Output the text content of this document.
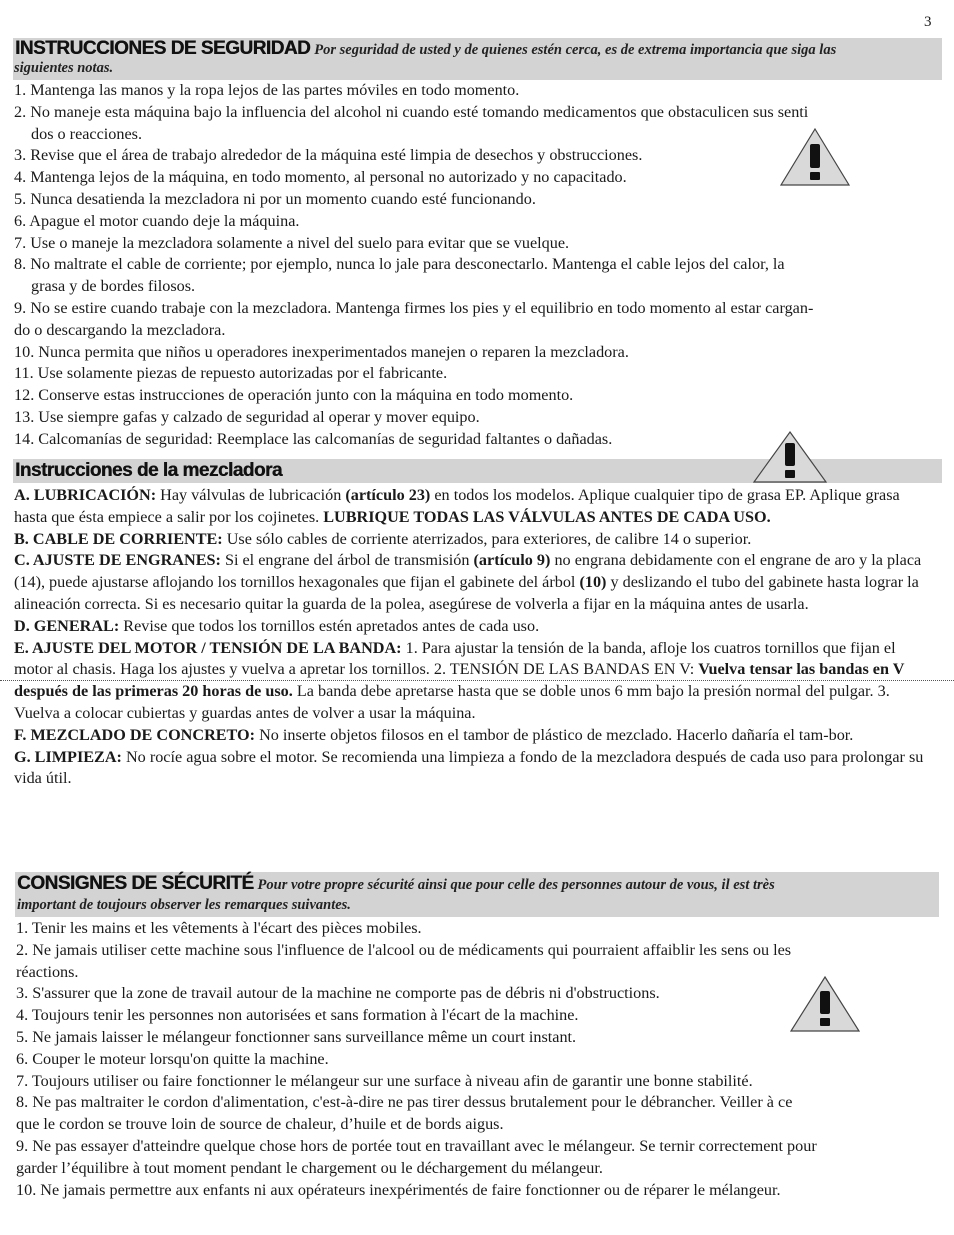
3
INSTRUCCIONES DE SEGURIDAD Por seguridad de usted y de quienes estén cerca, es de extrema importancia que siga las
siguientes notas.

1. Mantenga las manos y la ropa lejos de las partes móviles en todo momento.

2. No maneje esta máquina bajo la influencia del alcohol ni cuando esté tomando medicamentos que obstaculicen sus senti

dos o reacciones.

3. Revise que el área de trabajo alrededor de la máquina esté limpia de desechos y obstrucciones.

4. Mantenga lejos de la máquina, en todo momento, al personal no autorizado y no capacitado.

5. Nunca desatienda la mezcladora ni por un momento cuando esté funcionando.

6. Apague el motor cuando deje la máquina.

7. Use o maneje la mezcladora solamente a nivel del suelo para evitar que se vuelque.

8. No maltrate el cable de corriente; por ejemplo, nunca lo jale para desconectarlo. Mantenga el cable lejos del calor, la

grasa y de bordes filosos.

9. No se estire cuando trabaje con la mezcladora. Mantenga firmes los pies y el equilibrio en todo momento al estar cargan-

do o descargando la mezcladora.

10. Nunca permita que niños u operadores inexperimentados manejen o reparen la mezcladora.

11. Use solamente piezas de repuesto autorizadas por el fabricante.

12. Conserve estas instrucciones de operación junto con la máquina en todo momento.

13. Use siempre gafas y calzado de seguridad al operar y mover equipo.

14. Calcomanías de seguridad: Reemplace las calcomanías de seguridad faltantes o dañadas.

Instrucciones de la mezcladora

A. LUBRICACIÓN: Hay válvulas de lubricación (artículo 23) en todos los modelos. Aplique cualquier tipo de grasa EP. Aplique grasa hasta que ésta empiece a salir por los cojinetes. LUBRIQUE TODAS LAS VÁLVULAS ANTES DE CADA USO.

B. CABLE DE CORRIENTE: Use sólo cables de corriente aterrizados, para exteriores, de calibre 14 o superior.

C. AJUSTE DE ENGRANES: Si el engrane del árbol de transmisión (artículo 9) no engrana debidamente con el engrane de aro y la placa (14), puede ajustarse aflojando los tornillos hexagonales que fijan el gabinete del árbol (10) y deslizando el tubo del gabinete hasta lograr la alineación correcta. Si es necesario quitar la guarda de la polea, asegúrese de volverla a fijar en la máquina antes de usarla.

D. GENERAL: Revise que todos los tornillos estén apretados antes de cada uso.

E. AJUSTE DEL MOTOR / TENSIÓN DE LA BANDA: 1. Para ajustar la tensión de la banda, afloje los cuatros tornillos que fijan el motor al chasis. Haga los ajustes y vuelva a apretar los tornillos. 2. TENSIÓN DE LAS BANDAS EN V: Vuelva tensar las bandas en V después de las primeras 20 horas de uso. La banda debe apretarse hasta que se doble unos 6 mm bajo la presión normal del pulgar. 3. Vuelva a colocar cubiertas y guardas antes de volver a usar la máquina.

F. MEZCLADO DE CONCRETO: No inserte objetos filosos en el tambor de plástico de mezclado. Hacerlo dañaría el tam-bor.

G. LIMPIEZA: No rocíe agua sobre el motor. Se recomienda una limpieza a fondo de la mezcladora después de cada uso para prolongar su vida útil.

CONSIGNES DE SÉCURITÉ Pour votre propre sécurité ainsi que pour celle des personnes autour de vous, il est très
important de toujours observer les remarques suivantes.

1. Tenir les mains et les vêtements à l'écart des pièces mobiles.

2. Ne jamais utiliser cette machine sous l'influence de l'alcool ou de médicaments qui pourraient affaiblir les sens ou les

réactions.

3. S'assurer que la zone de travail autour de la machine ne comporte pas de débris ni d'obstructions.

4. Toujours tenir les personnes non autorisées et sans formation à l'écart de la machine.

5. Ne jamais laisser le mélangeur fonctionner sans surveillance même un court instant.

6. Couper le moteur lorsqu'on quitte la machine.

7. Toujours utiliser ou faire fonctionner le mélangeur sur une surface à niveau afin de garantir une bonne stabilité.

8. Ne pas maltraiter le cordon d'alimentation, c'est-à-dire ne pas tirer dessus brutalement pour le débrancher. Veiller à ce

que le cordon se trouve loin de source de chaleur, d’huile et de bords aigus.

9. Ne pas essayer d'atteindre quelque chose hors de portée tout en travaillant avec le mélangeur. Se ternir correctement pour

garder l’équilibre à tout moment pendant le chargement ou le déchargement du mélangeur.

10. Ne jamais permettre aux enfants ni aux opérateurs inexpérimentés de faire fonctionner ou de réparer le mélangeur.
